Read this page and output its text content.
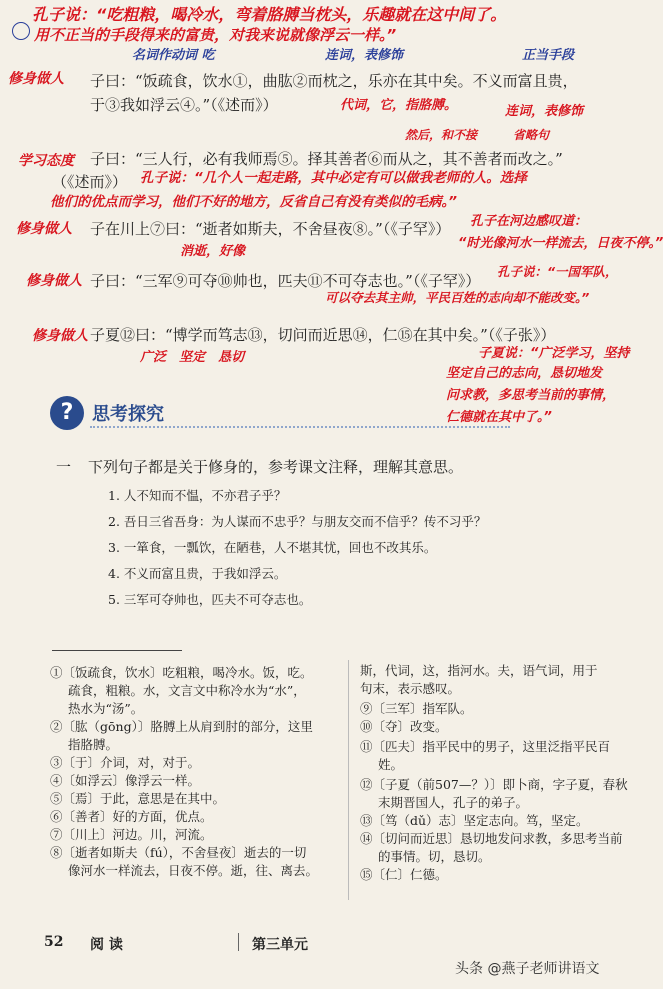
孔子说：“吃粗粮，喝冷水，弯着胳膊当枕头，乐趣就在这中间了。
用不正当的手段得来的富贵，对我来说就像浮云一样。”
名词作动词 吃	连词，表修饰	正当手段
修身做人 子曰：“饭疏食，饮水①，曲肱②而枕之，乐亦在其中矣。不义而富且贵，
于③我如浮云④。”（《述而》）	代词，它，指胳膊。	连词，表修饰
然后，和不接	省略句
学习态度 子曰：“三人行，必有我师焉⑤。择其善者⑥而从之，其不善者而改之。”
（《述而》） 孔子说：“几个人一起走路，其中必定有可以做我老师的人。选择
他们的优点而学习，他们不好的地方，反省自己有没有类似的毛病。”
修身做人 子在川上⑦曰：“逝者如斯夫，不舍昼夜⑧。”（《子罕》） 孔子在河边感叹道：
“时光像河水一样流去，日夜不停。”
消逝，好像
修身做人 子曰：“三军⑨可夺⑩帅也，匹夫⑪不可夺志也。”（《子罕》）
孔子说：“一国军队，
可以夺去其主帅，平民百姓的志向却不能改变。”
修身做人 子夏⑫曰：“博学而笃志⑬，切问而近思⑭，仁⑮在其中矣。”（《子张》）
广泛　坚定　恳切	子夏说：“广泛学习，坚持
坚定自己的志向，恳切地发
问求教，多思考当前的事情，
仁德就在其中了。”
?	思考探究
一 下列句子都是关于修身的，参考课文注释，理解其意思。
1. 人不知而不愠，不亦君子乎？
2. 吾日三省吾身：为人谋而不忠乎？与朋友交而不信乎？传不习乎？
3. 一箪食，一瓢饮，在陋巷，人不堪其忧，回也不改其乐。
4. 不义而富且贵，于我如浮云。
5. 三军可夺帅也，匹夫不可夺志也。
①〔饭疏食，饮水〕吃粗粮，喝冷水。饭，吃。
疏食，粗粮。水，文言文中称冷水为“水”，
热水为“汤”。
②〔肱（gōng）〕胳膊上从肩到肘的部分，这里
指胳膊。
③〔于〕介词，对，对于。
④〔如浮云〕像浮云一样。
⑤〔焉〕于此，意思是在其中。
⑥〔善者〕好的方面，优点。
⑦〔川上〕河边。川，河流。
⑧〔逝者如斯夫（fú），不舍昼夜〕逝去的一切
像河水一样流去，日夜不停。逝，往、离去。
斯，代词，这，指河水。夫，语气词，用于
句末，表示感叹。
⑨〔三军〕指军队。
⑩〔夺〕改变。
⑪〔匹夫〕指平民中的男子，这里泛指平民百
姓。
⑫〔子夏（前507—？）〕即卜商，字子夏，春秋
末期晋国人，孔子的弟子。
⑬〔笃（dǔ）志〕坚定志向。笃，坚定。
⑭〔切问而近思〕恳切地发问求教，多思考当前
的事情。切，恳切。
⑮〔仁〕仁德。
52 阅 读	第三单元
头条 @燕子老师讲语文
